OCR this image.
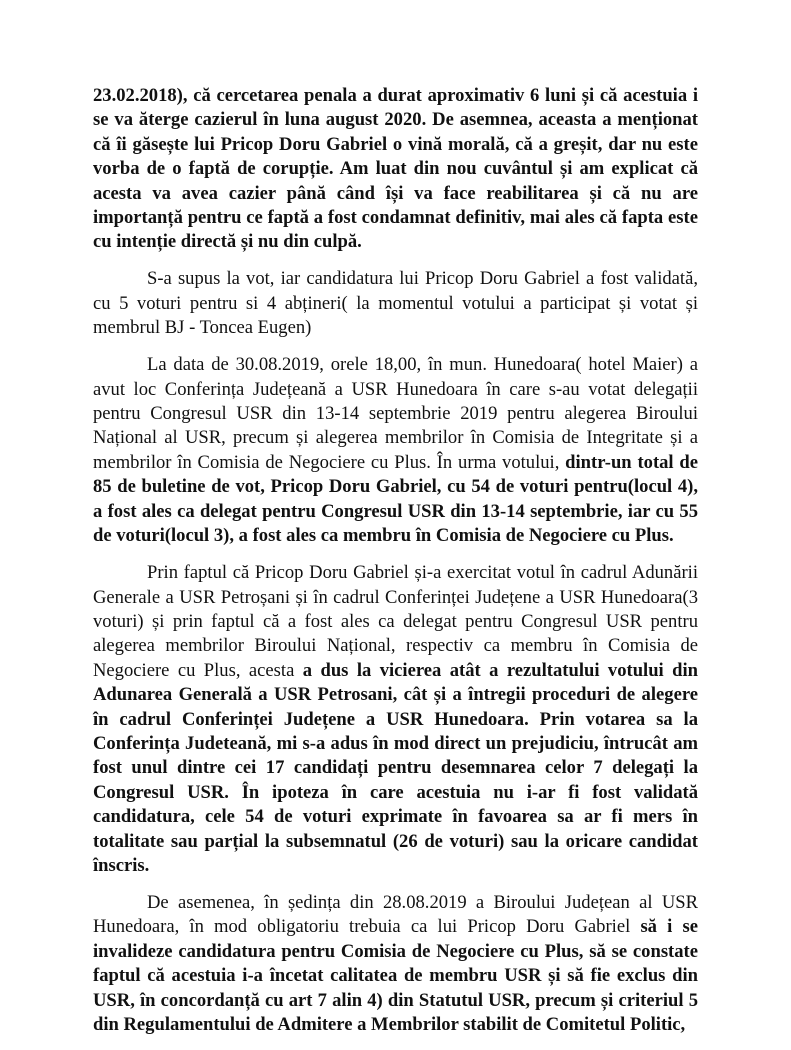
23.02.2018), că cercetarea penala a durat aproximativ 6 luni și că acestuia i se va ăterge cazierul în luna august 2020. De asemnea, aceasta a menționat că îi găsește lui Pricop Doru Gabriel o vină morală, că a greșit, dar nu este vorba de o faptă de corupție. Am luat din nou cuvântul și am explicat că acesta va avea cazier până când își va face reabilitarea și că nu are importanță pentru ce faptă a fost condamnat definitiv, mai ales că fapta este cu intenție directă și nu din culpă.

S-a supus la vot, iar candidatura lui Pricop Doru Gabriel a fost validată, cu 5 voturi pentru si 4 abțineri( la momentul votului a participat și votat și membrul BJ - Toncea Eugen)

La data de 30.08.2019, orele 18,00, în mun. Hunedoara( hotel Maier) a avut loc Conferința Județeană a USR Hunedoara în care s-au votat delegații pentru Congresul USR din 13-14 septembrie 2019 pentru alegerea Biroului Național al USR, precum și alegerea membrilor în Comisia de Integritate și a membrilor în Comisia de Negociere cu Plus. În urma votului, dintr-un total de 85 de buletine de vot, Pricop Doru Gabriel, cu 54 de voturi pentru(locul 4), a fost ales ca delegat pentru Congresul USR din 13-14 septembrie, iar cu 55 de voturi(locul 3), a fost ales ca membru în Comisia de Negociere cu Plus.

Prin faptul că Pricop Doru Gabriel și-a exercitat votul în cadrul Adunării Generale a USR Petroșani și în cadrul Conferinței Județene a USR Hunedoara(3 voturi) și prin faptul că a fost ales ca delegat pentru Congresul USR pentru alegerea membrilor Biroului Național, respectiv ca membru în Comisia de Negociere cu Plus, acesta a dus la vicierea atât a rezultatului votului din Adunarea Generală a USR Petrosani, cât și a întregii proceduri de alegere în cadrul Conferinței Județene a USR Hunedoara. Prin votarea sa la Conferința Judeteană, mi s-a adus în mod direct un prejudiciu, întrucât am fost unul dintre cei 17 candidați pentru desemnarea celor 7 delegați la Congresul USR. În ipoteza în care acestuia nu i-ar fi fost validată candidatura, cele 54 de voturi exprimate în favoarea sa ar fi mers în totalitate sau parțial la subsemnatul (26 de voturi) sau la oricare candidat înscris.

De asemenea, în ședința din 28.08.2019 a Biroului Județean al USR Hunedoara, în mod obligatoriu trebuia ca lui Pricop Doru Gabriel să i se invalideze candidatura pentru Comisia de Negociere cu Plus, să se constate faptul că acestuia i-a încetat calitatea de membru USR și să fie exclus din USR, în concordanță cu art 7 alin 4) din Statutul USR, precum și criteriul 5 din Regulamentului de Admitere a Membrilor stabilit de Comitetul Politic,
